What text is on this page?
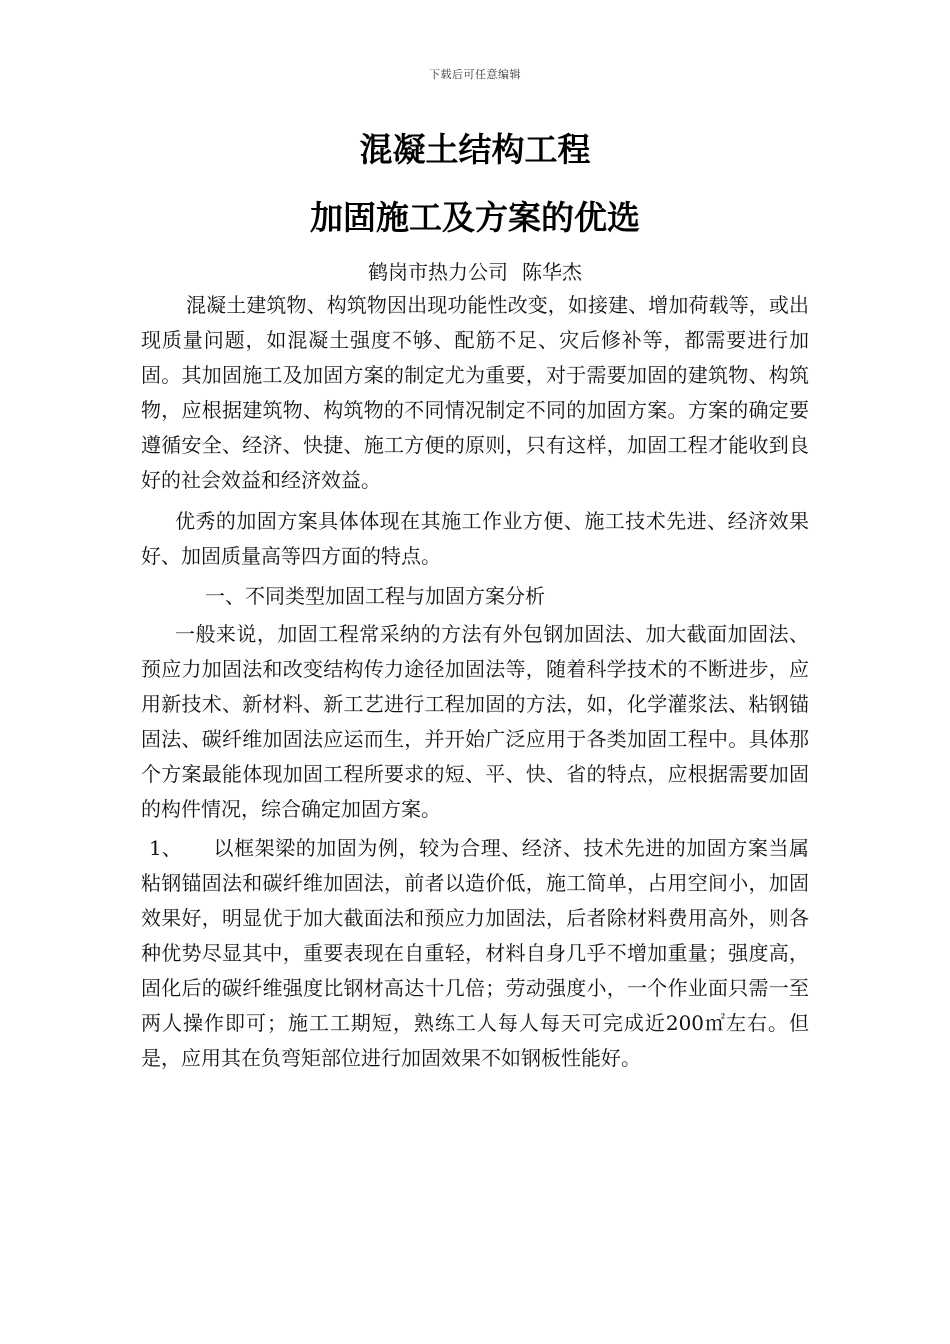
下载后可任意编辑
混凝土结构工程
加固施工及方案的优选
鹤岗市热力公司 陈华杰

混凝土建筑物、构筑物因出现功能性改变，如接建、增加荷载等，或出现质量问题，如混凝土强度不够、配筋不足、灾后修补等，都需要进行加固。其加固施工及加固方案的制定尤为重要，对于需要加固的建筑物、构筑物，应根据建筑物、构筑物的不同情况制定不同的加固方案。方案的确定要遵循安全、经济、快捷、施工方便的原则，只有这样，加固工程才能收到良好的社会效益和经济效益。

优秀的加固方案具体体现在其施工作业方便、施工技术先进、经济效果好、加固质量高等四方面的特点。

一、不同类型加固工程与加固方案分析

一般来说，加固工程常采纳的方法有外包钢加固法、加大截面加固法、预应力加固法和改变结构传力途径加固法等，随着科学技术的不断进步，应用新技术、新材料、新工艺进行工程加固的方法，如，化学灌浆法、粘钢锚固法、碳纤维加固法应运而生，并开始广泛应用于各类加固工程中。具体那个方案最能体现加固工程所要求的短、平、快、省的特点，应根据需要加固的构件情况，综合确定加固方案。

1、 以框架梁的加固为例，较为合理、经济、技术先进的加固方案当属粘钢锚固法和碳纤维加固法，前者以造价低，施工简单，占用空间小，加固效果好，明显优于加大截面法和预应力加固法，后者除材料费用高外，则各种优势尽显其中，重要表现在自重轻，材料自身几乎不增加重量；强度高，固化后的碳纤维强度比钢材高达十几倍；劳动强度小，一个作业面只需一至两人操作即可；施工工期短，熟练工人每人每天可完成近200㎡左右。但是，应用其在负弯矩部位进行加固效果不如钢板性能好。
